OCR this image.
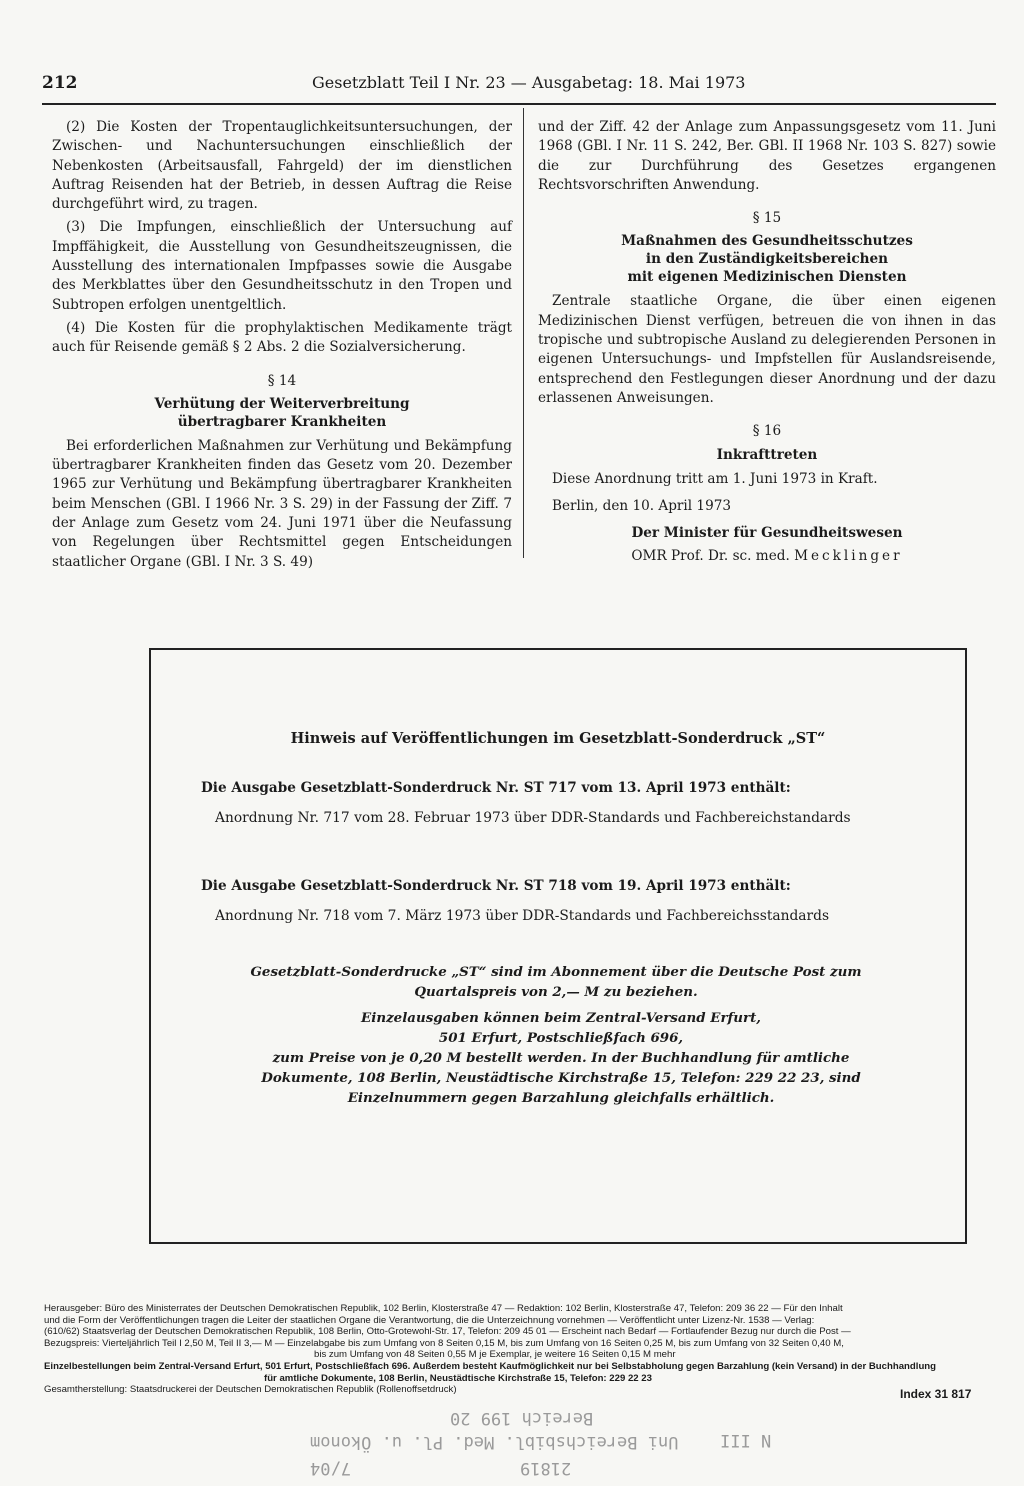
212	Gesetzblatt Teil I Nr. 23 — Ausgabetag: 18. Mai 1973

(2) Die Kosten der Tropentauglichkeitsuntersuchungen, der Zwischen- und Nachuntersuchungen einschließlich der Nebenkosten (Arbeitsausfall, Fahrgeld) der im dienstlichen Auftrag Reisenden hat der Betrieb, in dessen Auftrag die Reise durchgeführt wird, zu tragen.

(3) Die Impfungen, einschließlich der Untersuchung auf Impffähigkeit, die Ausstellung von Gesundheitszeugnissen, die Ausstellung des internationalen Impfpasses sowie die Ausgabe des Merkblattes über den Gesundheitsschutz in den Tropen und Subtropen erfolgen unentgeltlich.

(4) Die Kosten für die prophylaktischen Medikamente trägt auch für Reisende gemäß § 2 Abs. 2 die Sozialversicherung.

§ 14
Verhütung der Weiterverbreitung
übertragbarer Krankheiten

Bei erforderlichen Maßnahmen zur Verhütung und Bekämpfung übertragbarer Krankheiten finden das Gesetz vom 20. Dezember 1965 zur Verhütung und Bekämpfung übertragbarer Krankheiten beim Menschen (GBl. I 1966 Nr. 3 S. 29) in der Fassung der Ziff. 7 der Anlage zum Gesetz vom 24. Juni 1971 über die Neufassung von Regelungen über Rechtsmittel gegen Entscheidungen staatlicher Organe (GBl. I Nr. 3 S. 49)

und der Ziff. 42 der Anlage zum Anpassungsgesetz vom 11. Juni 1968 (GBl. I Nr. 11 S. 242, Ber. GBl. II 1968 Nr. 103 S. 827) sowie die zur Durchführung des Gesetzes ergangenen Rechtsvorschriften Anwendung.

§ 15
Maßnahmen des Gesundheitsschutzes
in den Zuständigkeitsbereichen
mit eigenen Medizinischen Diensten

Zentrale staatliche Organe, die über einen eigenen Medizinischen Dienst verfügen, betreuen die von ihnen in das tropische und subtropische Ausland zu delegierenden Personen in eigenen Untersuchungs- und Impfstellen für Auslandsreisende, entsprechend den Festlegungen dieser Anordnung und der dazu erlassenen Anweisungen.

§ 16
Inkrafttreten

Diese Anordnung tritt am 1. Juni 1973 in Kraft.

Berlin, den 10. April 1973

Der Minister für Gesundheitswesen
OMR Prof. Dr. sc. med. Mecklinger
Hinweis auf Veröffentlichungen im Gesetzblatt-Sonderdruck „ST“
Die Ausgabe Gesetzblatt-Sonderdruck Nr. ST 717 vom 13. April 1973 enthält:
Anordnung Nr. 717 vom 28. Februar 1973 über DDR-Standards und Fachbereichstandards
Die Ausgabe Gesetzblatt-Sonderdruck Nr. ST 718 vom 19. April 1973 enthält:
Anordnung Nr. 718 vom 7. März 1973 über DDR-Standards und Fachbereichsstandards
Gesetzblatt-Sonderdrucke „ST“ sind im Abonnement über die Deutsche Post zum Quartalspreis von 2,— M zu beziehen.
Einzelausgaben können beim Zentral-Versand Erfurt,
501 Erfurt, Postschließfach 696,
zum Preise von je 0,20 M bestellt werden. In der Buchhandlung für amtliche
Dokumente, 108 Berlin, Neustädtische Kirchstraße 15, Telefon: 229 22 23, sind
Einzelnummern gegen Barzahlung gleichfalls erhältlich.
Herausgeber: Büro des Ministerrates der Deutschen Demokratischen Republik, 102 Berlin, Klosterstraße 47 — Redaktion: 102 Berlin, Klosterstraße 47, Telefon: 209 36 22 — Für den Inhalt
und die Form der Veröffentlichungen tragen die Leiter der staatlichen Organe die Verantwortung, die die Unterzeichnung vornehmen — Veröffentlicht unter Lizenz-Nr. 1538 — Verlag:
(610/62) Staatsverlag der Deutschen Demokratischen Republik, 108 Berlin, Otto-Grotewohl-Str. 17, Telefon: 209 45 01 — Erscheint nach Bedarf — Fortlaufender Bezug nur durch die Post —
Bezugspreis: Vierteljährlich Teil I 2,50 M, Teil II 3,— M — Einzelabgabe bis zum Umfang von 8 Seiten 0,15 M, bis zum Umfang von 16 Seiten 0,25 M, bis zum Umfang von 32 Seiten 0,40 M,
bis zum Umfang von 48 Seiten 0,55 M je Exemplar, je weitere 16 Seiten 0,15 M mehr
Einzelbestellungen beim Zentral-Versand Erfurt, 501 Erfurt, Postschließfach 696. Außerdem besteht Kaufmöglichkeit nur bei Selbstabholung gegen Barzahlung (kein Versand) in der Buchhandlung
für amtliche Dokumente, 108 Berlin, Neustädtische Kirchstraße 15, Telefon: 229 22 23
Gesamtherstellung: Staatsdruckerei der Deutschen Demokratischen Republik (Rollenoffsetdruck)	Index 31 817
Bereich 199 20
Uni Bereichsbibl. Med. Pl. u. Ökonom N III
21819
7/04
